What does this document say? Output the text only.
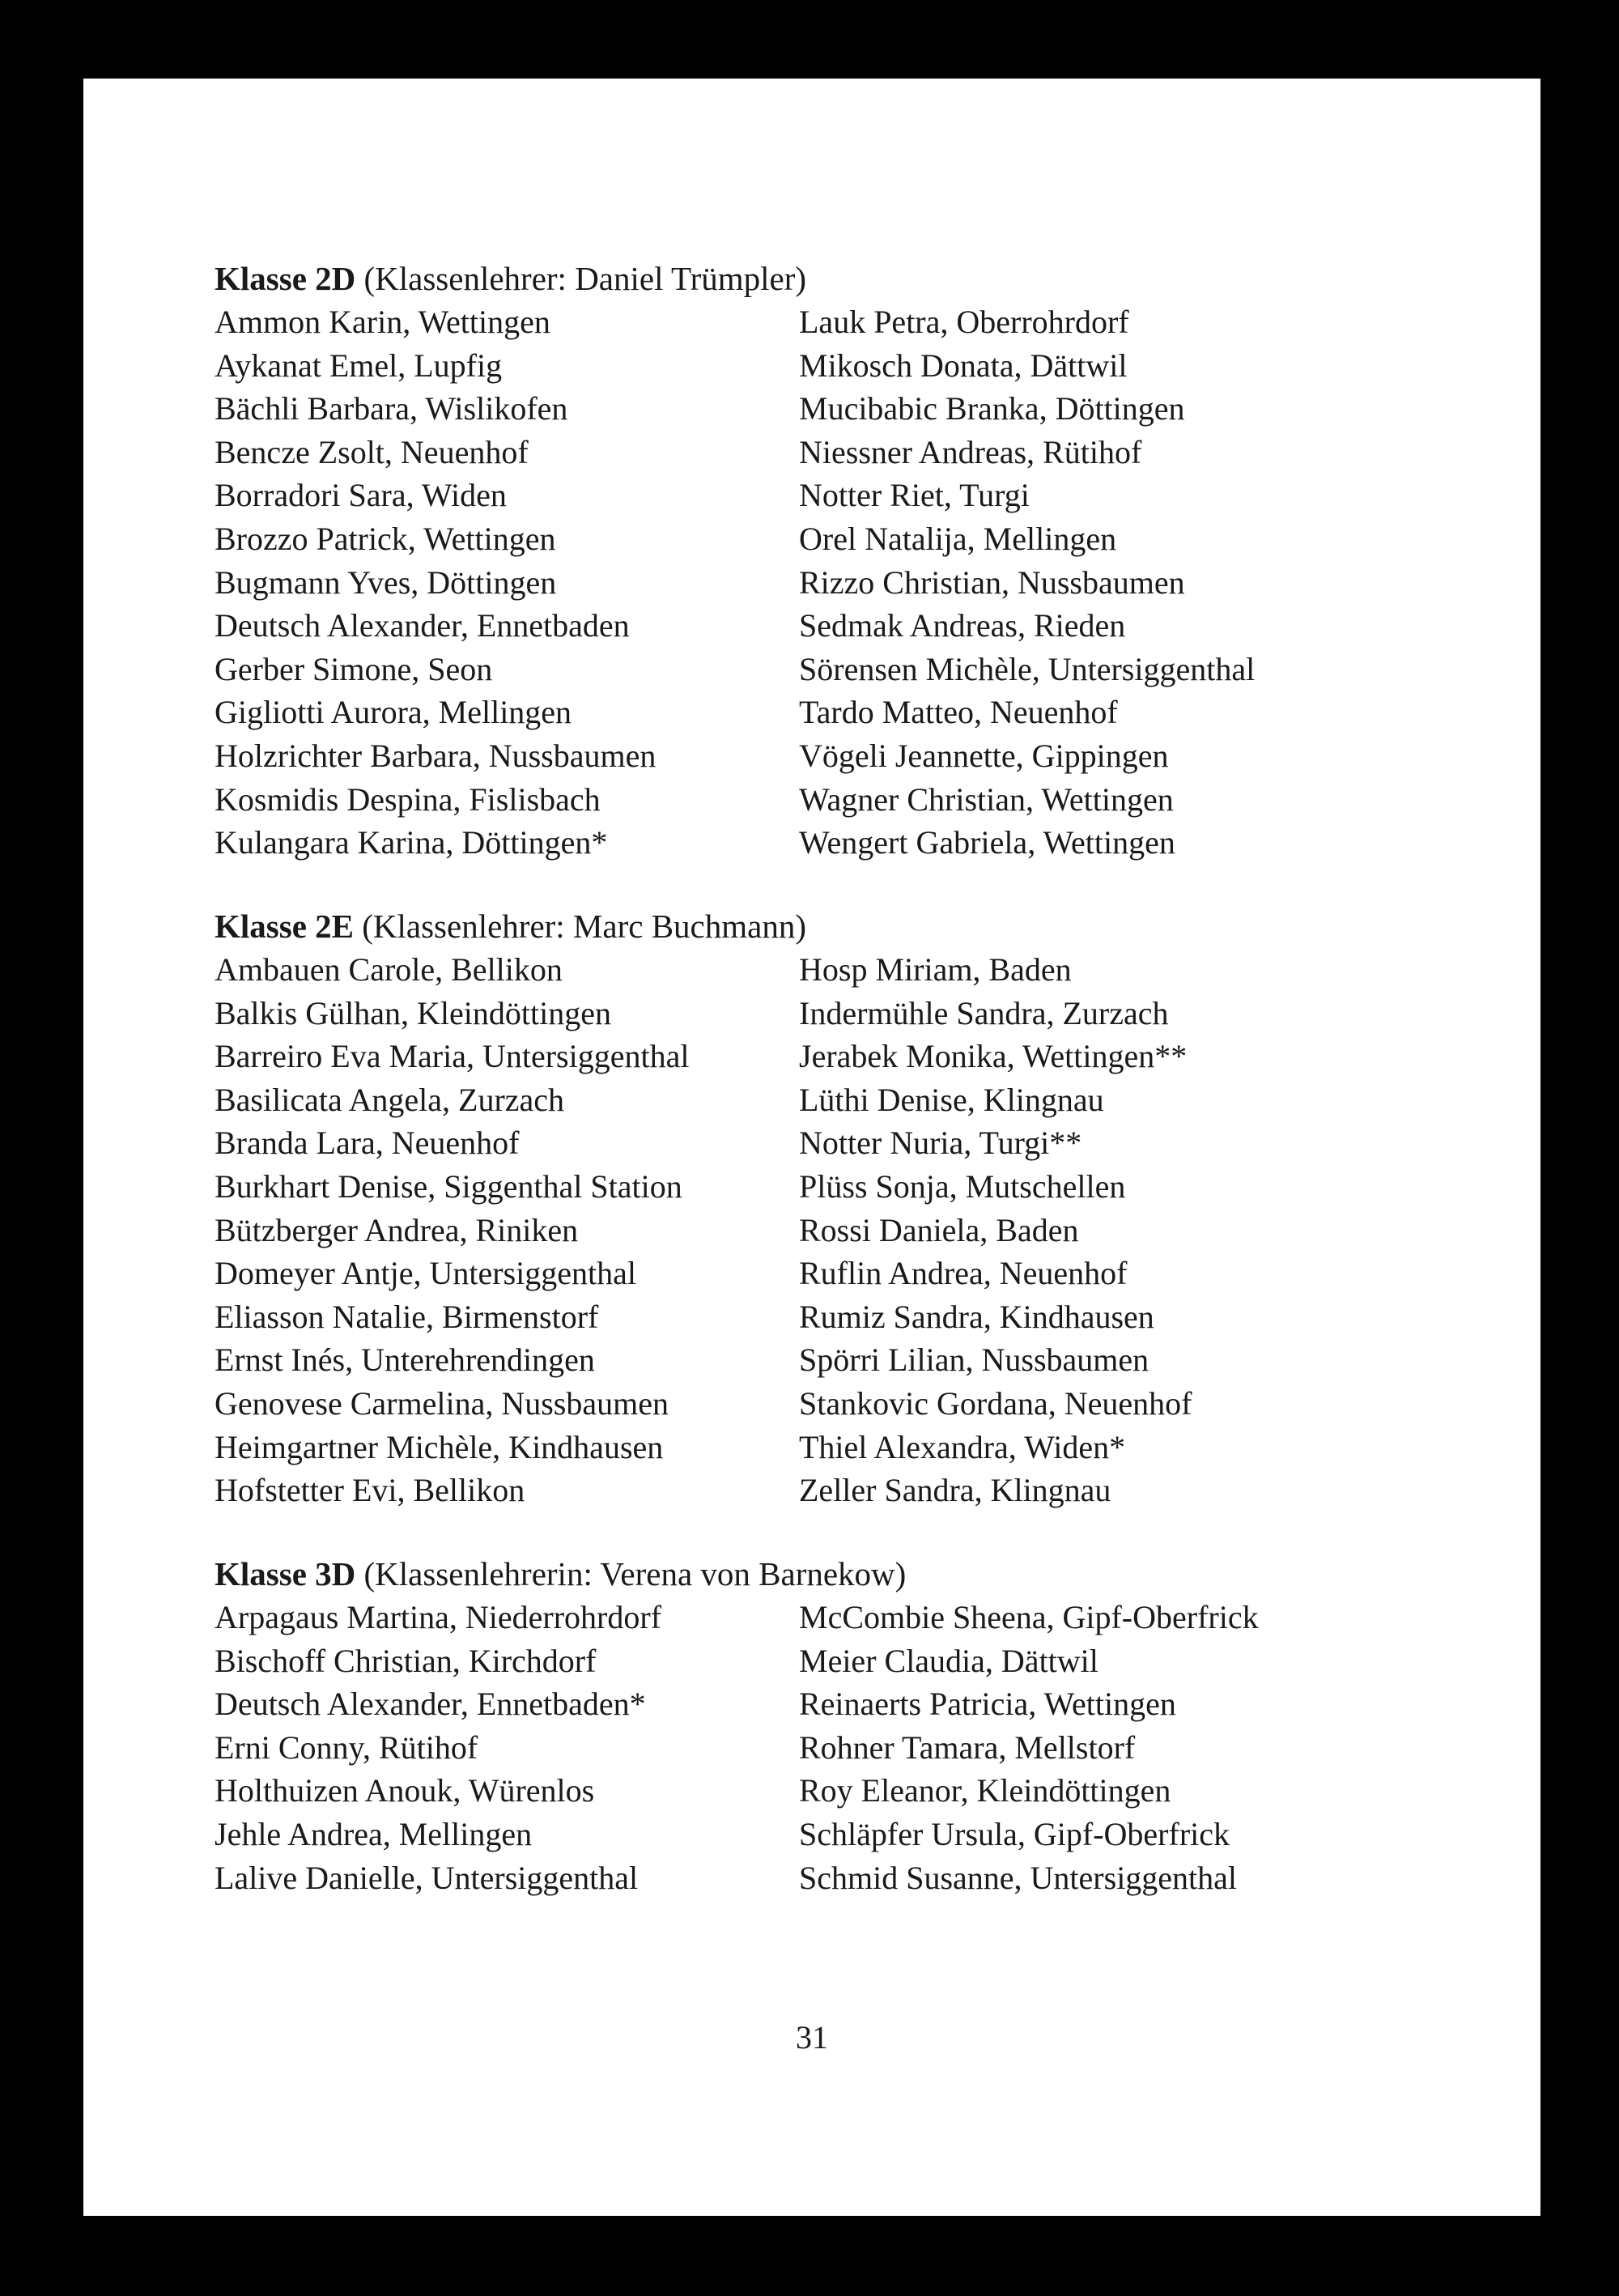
Klasse 2D (Klassenlehrer: Daniel Trümpler)
Ammon Karin, Wettingen
Aykanat Emel, Lupfig
Bächli Barbara, Wislikofen
Bencze Zsolt, Neuenhof
Borradori Sara, Widen
Brozzo Patrick, Wettingen
Bugmann Yves, Döttingen
Deutsch Alexander, Ennetbaden
Gerber Simone, Seon
Gigliotti Aurora, Mellingen
Holzrichter Barbara, Nussbaumen
Kosmidis Despina, Fislisbach
Kulangara Karina, Döttingen*
Lauk Petra, Oberrohrdorf
Mikosch Donata, Dättwil
Mucibabic Branka, Döttingen
Niessner Andreas, Rütihof
Notter Riet, Turgi
Orel Natalija, Mellingen
Rizzo Christian, Nussbaumen
Sedmak Andreas, Rieden
Sörensen Michèle, Untersiggenthal
Tardo Matteo, Neuenhof
Vögeli Jeannette, Gippingen
Wagner Christian, Wettingen
Wengert Gabriela, Wettingen
Klasse 2E (Klassenlehrer: Marc Buchmann)
Ambauen Carole, Bellikon
Balkis Gülhan, Kleindöttingen
Barreiro Eva Maria, Untersiggenthal
Basilicata Angela, Zurzach
Branda Lara, Neuenhof
Burkhart Denise, Siggenthal Station
Bützberger Andrea, Riniken
Domeyer Antje, Untersiggenthal
Eliasson Natalie, Birmenstorf
Ernst Inés, Unterehrendingen
Genovese Carmelina, Nussbaumen
Heimgartner Michèle, Kindhausen
Hofstetter Evi, Bellikon
Hosp Miriam, Baden
Indermühle Sandra, Zurzach
Jerabek Monika, Wettingen**
Lüthi Denise, Klingnau
Notter Nuria, Turgi**
Plüss Sonja, Mutschellen
Rossi Daniela, Baden
Ruflin Andrea, Neuenhof
Rumiz Sandra, Kindhausen
Spörri Lilian, Nussbaumen
Stankovic Gordana, Neuenhof
Thiel Alexandra, Widen*
Zeller Sandra, Klingnau
Klasse 3D (Klassenlehrerin: Verena von Barnekow)
Arpagaus Martina, Niederrohrdorf
Bischoff Christian, Kirchdorf
Deutsch Alexander, Ennetbaden*
Erni Conny, Rütihof
Holthuizen Anouk, Würenlos
Jehle Andrea, Mellingen
Lalive Danielle, Untersiggenthal
McCombie Sheena, Gipf-Oberfrick
Meier Claudia, Dättwil
Reinaerts Patricia, Wettingen
Rohner Tamara, Mellstorf
Roy Eleanor, Kleindöttingen
Schläpfer Ursula, Gipf-Oberfrick
Schmid Susanne, Untersiggenthal
31
